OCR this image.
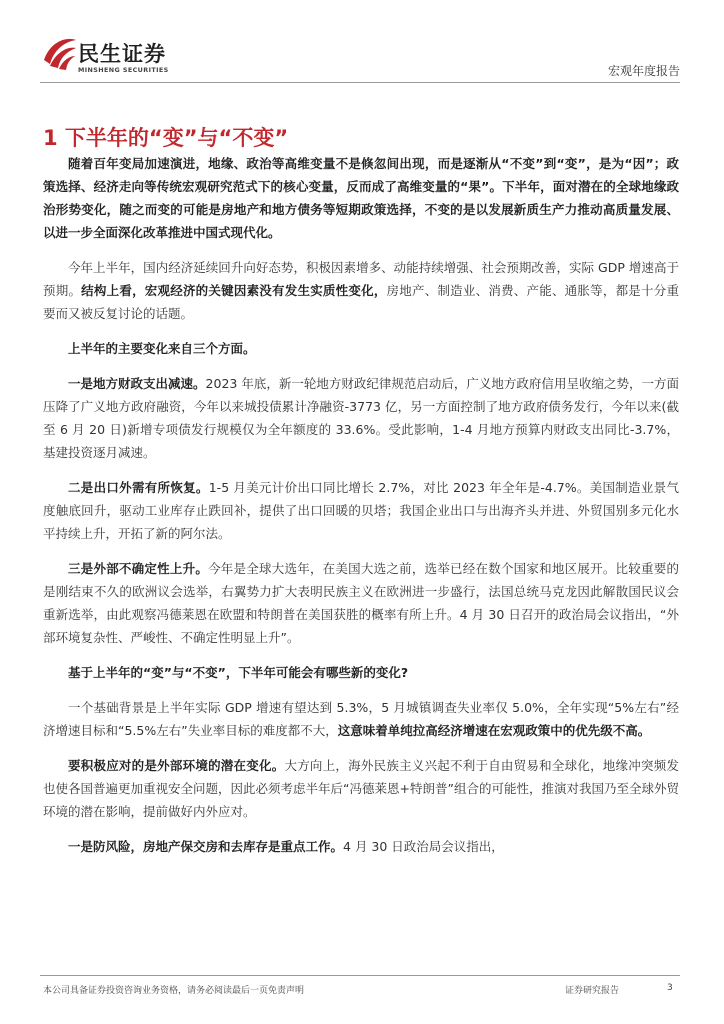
民生证券
MINSHENG SECURITIES	宏观年度报告
1 下半年的“变”与“不变”

随着百年变局加速演进，地缘、政治等高维变量不是倏忽间出现，而是逐渐从“不变”到“变”，是为“因”；政策选择、经济走向等传统宏观研究范式下的核心变量，反而成了高维变量的“果”。下半年，面对潜在的全球地缘政治形势变化，随之而变的可能是房地产和地方债务等短期政策选择，不变的是以发展新质生产力推动高质量发展、以进一步全面深化改革推进中国式现代化。

今年上半年，国内经济延续回升向好态势，积极因素增多、动能持续增强、社会预期改善，实际 GDP 增速高于预期。结构上看，宏观经济的关键因素没有发生实质性变化，房地产、制造业、消费、产能、通胀等，都是十分重要而又被反复讨论的话题。

上半年的主要变化来自三个方面。

一是地方财政支出减速。2023 年底，新一轮地方财政纪律规范启动后，广义地方政府信用呈收缩之势，一方面压降了广义地方政府融资，今年以来城投债累计净融资-3773 亿，另一方面控制了地方政府债务发行，今年以来(截至 6 月 20 日)新增专项债发行规模仅为全年额度的 33.6%。受此影响，1-4 月地方预算内财政支出同比-3.7%，基建投资逐月减速。

二是出口外需有所恢复。1-5 月美元计价出口同比增长 2.7%，对比 2023 年全年是-4.7%。美国制造业景气度触底回升，驱动工业库存止跌回补，提供了出口回暖的贝塔；我国企业出口与出海齐头并进、外贸国别多元化水平持续上升，开拓了新的阿尔法。

三是外部不确定性上升。今年是全球大选年，在美国大选之前，选举已经在数个国家和地区展开。比较重要的是刚结束不久的欧洲议会选举，右翼势力扩大表明民族主义在欧洲进一步盛行，法国总统马克龙因此解散国民议会重新选举，由此观察冯德莱恩在欧盟和特朗普在美国获胜的概率有所上升。4 月 30 日召开的政治局会议指出，“外部环境复杂性、严峻性、不确定性明显上升”。

基于上半年的“变”与“不变”，下半年可能会有哪些新的变化?

一个基础背景是上半年实际 GDP 增速有望达到 5.3%，5 月城镇调查失业率仅 5.0%，全年实现“5%左右”经济增速目标和“5.5%左右”失业率目标的难度都不大，这意味着单纯拉高经济增速在宏观政策中的优先级不高。

要积极应对的是外部环境的潜在变化。大方向上，海外民族主义兴起不利于自由贸易和全球化，地缘冲突频发也使各国普遍更加重视安全问题，因此必须考虑半年后“冯德莱恩+特朗普”组合的可能性，推演对我国乃至全球外贸环境的潜在影响，提前做好内外应对。

一是防风险，房地产保交房和去库存是重点工作。4 月 30 日政治局会议指出，

本公司具备证券投资咨询业务资格，请务必阅读最后一页免责声明	证券研究报告	3
